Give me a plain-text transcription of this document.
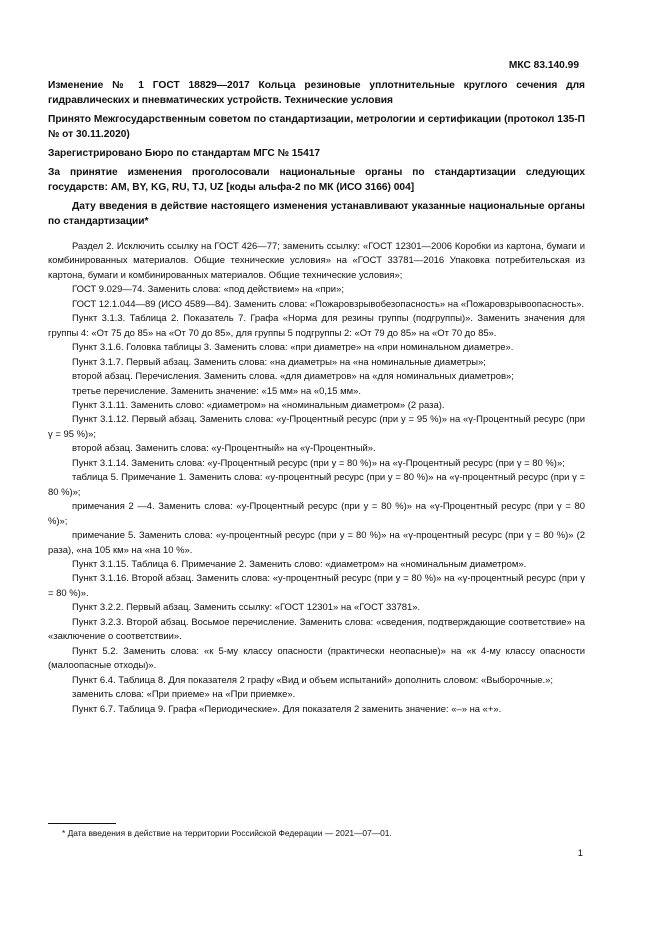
МКС 83.140.99

Изменение № 1 ГОСТ 18829—2017 Кольца резиновые уплотнительные круглого сечения для гидравлических и пневматических устройств. Технические условия

Принято Межгосударственным советом по стандартизации, метрологии и сертификации (протокол 135-П № от 30.11.2020)

Зарегистрировано Бюро по стандартам МГС № 15417

За принятие изменения проголосовали национальные органы по стандартизации следующих государств: AM, BY, KG, RU, TJ, UZ [коды альфа-2 по МК (ИСО 3166) 004]

Дату введения в действие настоящего изменения устанавливают указанные национальные органы по стандартизации*

Раздел 2. Исключить ссылку на ГОСТ 426—77; заменить ссылку: «ГОСТ 12301—2006 Коробки из картона, бумаги и комбинированных материалов. Общие технические условия» на «ГОСТ 33781—2016 Упаковка потребительская из картона, бумаги и комбинированных материалов. Общие технические условия»;

ГОСТ 9.029—74. Заменить слова: «под действием» на «при»;

ГОСТ 12.1.044—89 (ИСО 4589—84). Заменить слова: «Пожаровзрывобезопасность» на «Пожаровзрывоопасность».

Пункт 3.1.3. Таблица 2. Показатель 7. Графа «Норма для резины группы (подгруппы)». Заменить значения для группы 4: «От 75 до 85» на «От 70 до 85», для группы 5 подгруппы 2: «От 79 до 85» на «От 70 до 85».

Пункт 3.1.6. Головка таблицы 3. Заменить слова: «при диаметре» на «при номинальном диаметре».

Пункт 3.1.7. Первый абзац. Заменить слова: «на диаметры» на «на номинальные диаметры»;

второй абзац. Перечисления. Заменить слова. «для диаметров» на «для номинальных диаметров»;

третье перечисление. Заменить значение: «15 мм» на «0,15 мм».

Пункт 3.1.11. Заменить слово: «диаметром» на «номинальным диаметром» (2 раза).

Пункт 3.1.12. Первый абзац. Заменить слова: «у-Процентный ресурс (при у = 95 %)» на «γ-Процентный ресурс (при γ = 95 %)»;

второй абзац. Заменить слова: «у-Процентный» на «γ-Процентный».

Пункт 3.1.14. Заменить слова: «у-Процентный ресурс (при у = 80 %)» на «γ-Процентный ресурс (при γ = 80 %)»;

таблица 5. Примечание 1. Заменить слова: «у-процентный ресурс (при у = 80 %)» на «γ-процентный ресурс (при γ = 80 %)»;

примечания 2 —4. Заменить слова: «у-Процентный ресурс (при у = 80 %)» на «γ-Процентный ресурс (при γ = 80 %)»;

примечание 5. Заменить слова: «у-процентный ресурс (при у = 80 %)» на «γ-процентный ресурс (при γ = 80 %)» (2 раза), «на 105 км» на «на 10 %».

Пункт 3.1.15. Таблица 6. Примечание 2. Заменить слово: «диаметром» на «номинальным диаметром».

Пункт 3.1.16. Второй абзац. Заменить слова: «у-процентный ресурс (при у = 80 %)» на «γ-процентный ресурс (при γ = 80 %)».

Пункт 3.2.2. Первый абзац. Заменить ссылку: «ГОСТ 12301» на «ГОСТ 33781».

Пункт 3.2.3. Второй абзац. Восьмое перечисление. Заменить слова: «сведения, подтверждающие соответствие» на «заключение о соответствии».

Пункт 5.2. Заменить слова: «к 5-му классу опасности (практически неопасные)» на «к 4-му классу опасности (малоопасные отходы)».

Пункт 6.4. Таблица 8. Для показателя 2 графу «Вид и объем испытаний» дополнить словом: «Выборочные.»;

заменить слова: «При приеме» на «При приемке».

Пункт 6.7. Таблица 9. Графа «Периодические». Для показателя 2 заменить значение: «–» на «+».

* Дата введения в действие на территории Российской Федерации — 2021—07—01.
1
